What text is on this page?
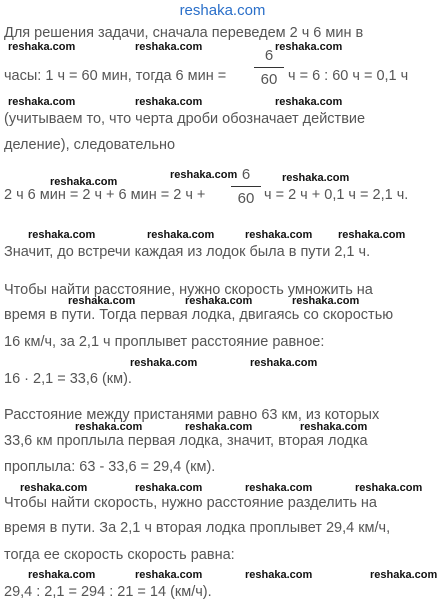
reshaka.com
Для решения задачи, сначала переведем 2 ч 6 мин в
часы: 1 ч = 60 мин, тогда 6 мин =
6
60 ч = 6 : 60 ч = 0,1 ч
(учитываем то, что черта дроби обозначает действие
деление), следовательно
2 ч 6 мин = 2 ч + 6 мин = 2 ч +
6
60 ч = 2 ч + 0,1 ч = 2,1 ч.
Значит, до встречи каждая из лодок была в пути 2,1 ч.
Чтобы найти расстояние, нужно скорость умножить на
время в пути. Тогда первая лодка, двигаясь со скоростью
16 км/ч, за 2,1 ч проплывет расстояние равное:
16 · 2,1 = 33,6 (км).
Расстояние между пристанями равно 63 км, из которых
33,6 км проплыла первая лодка, значит, вторая лодка
проплыла: 63 - 33,6 = 29,4 (км).
Чтобы найти скорость, нужно расстояние разделить на
время в пути. За 2,1 ч вторая лодка проплывет 29,4 км/ч,
тогда ее скорость скорость равна:
29,4 : 2,1 = 294 : 21 = 14 (км/ч).
reshaka.com	reshaka.com	reshaka.com
reshaka.com	reshaka.com	reshaka.com
reshaka.com
reshaka.com	reshaka.com
reshaka.com	reshaka.com	reshaka.com reshaka.com
reshaka.com	reshaka.com	reshaka.com
reshaka.com	reshaka.com
reshaka.com	reshaka.com	reshaka.com
reshaka.com	reshaka.com	reshaka.com	reshaka.com
reshaka.com	reshaka.com	reshaka.com	reshaka.com
